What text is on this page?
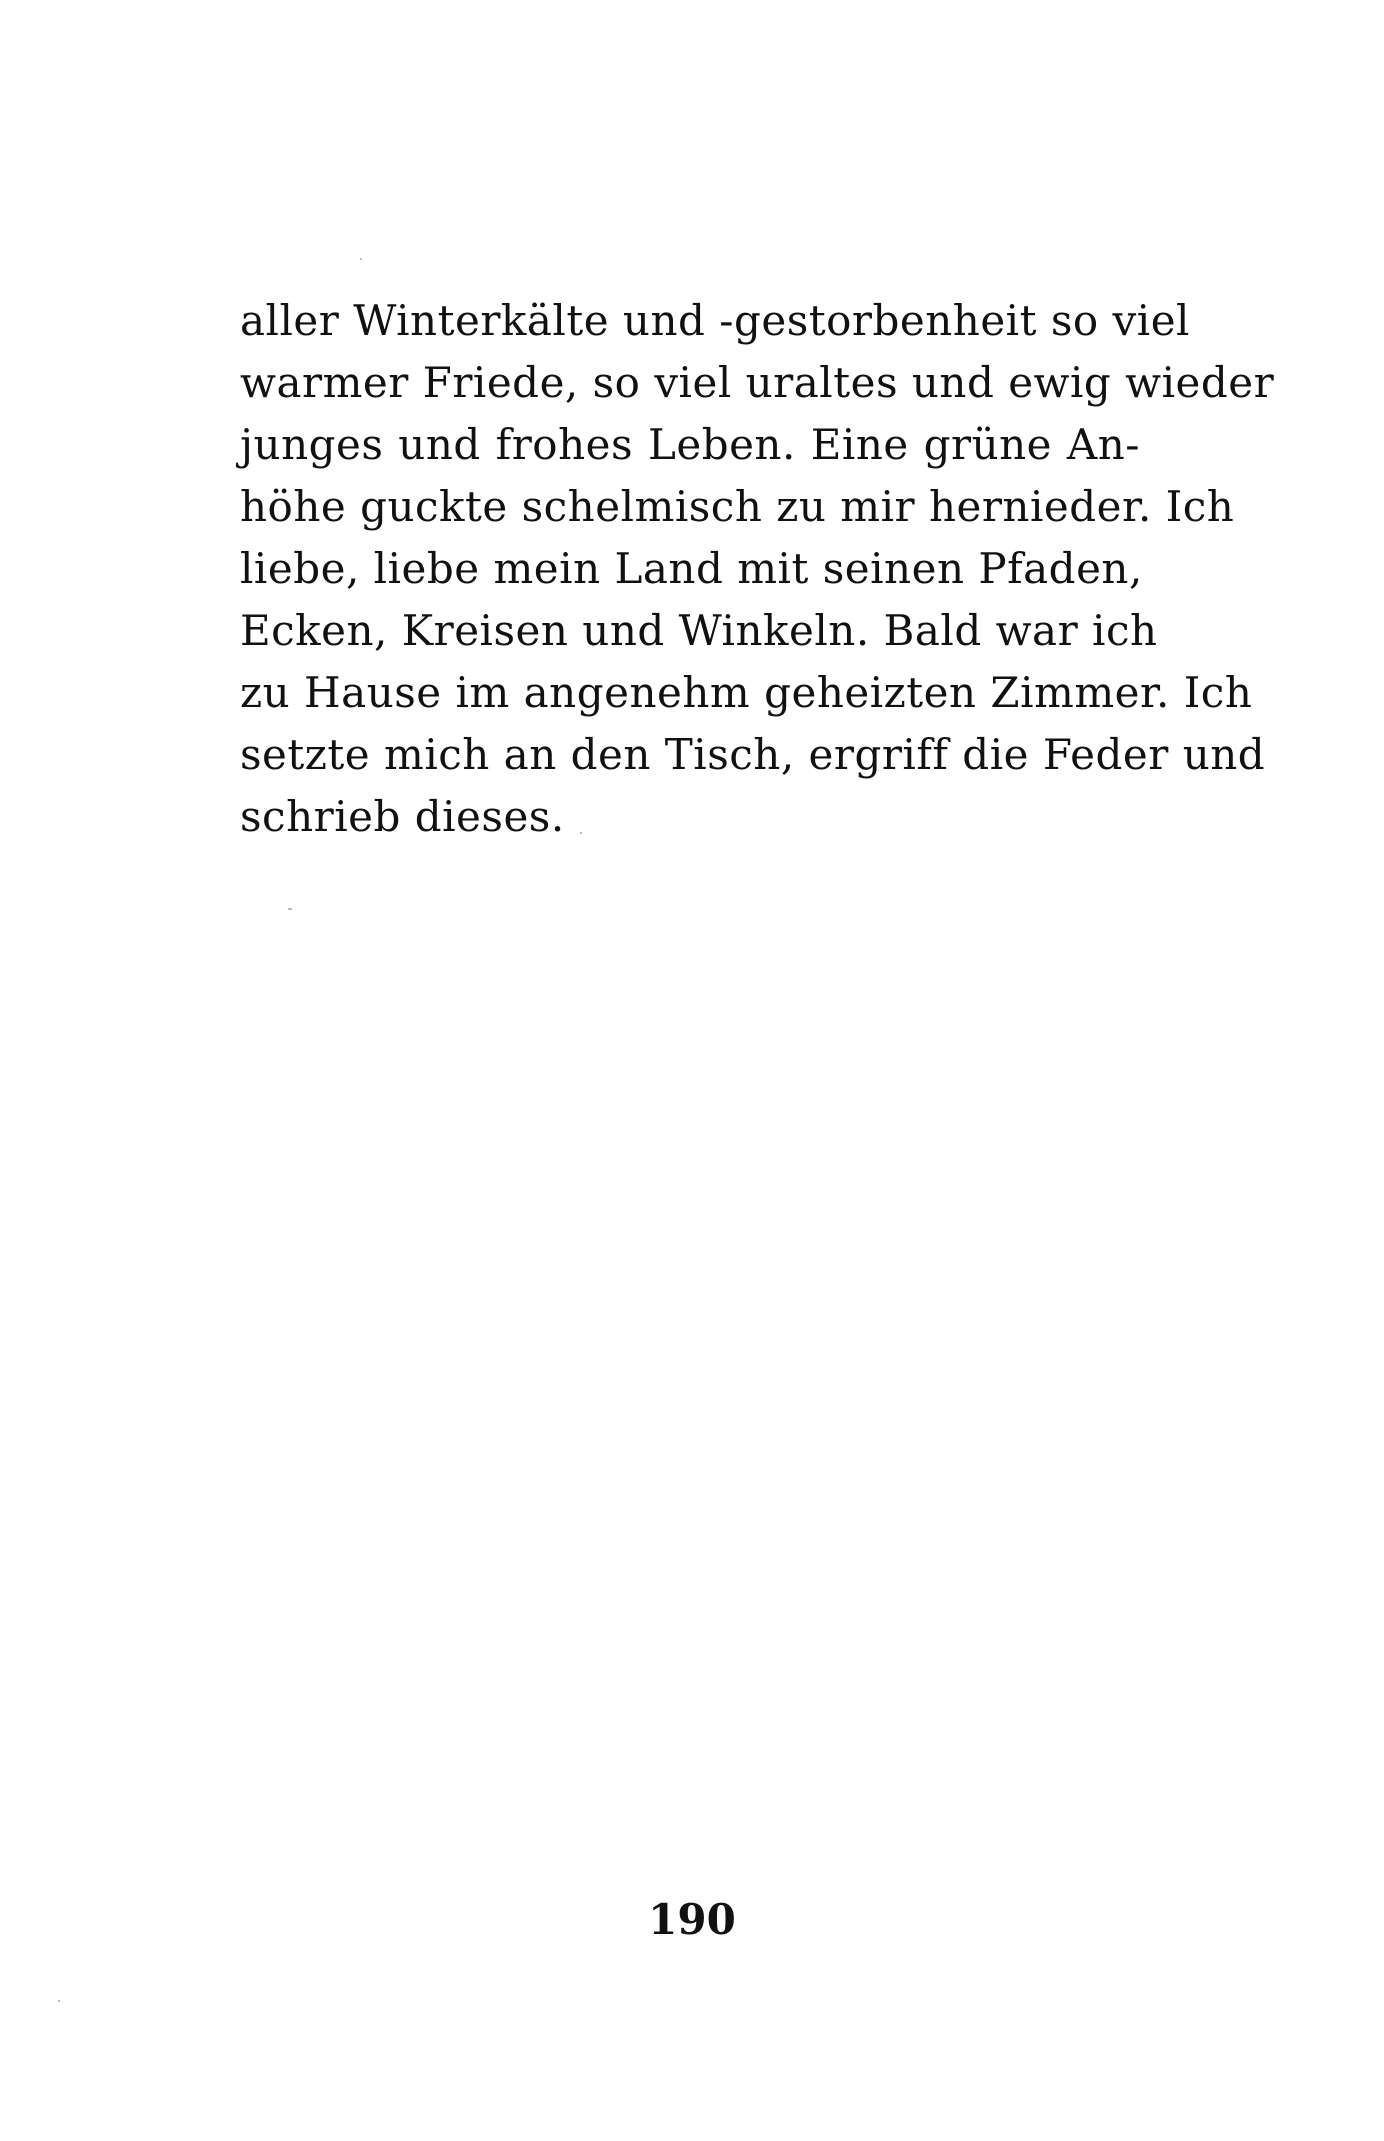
aller Winterkälte und -gestorbenheit so viel
warmer Friede, so viel uraltes und ewig wieder
junges und frohes Leben. Eine grüne An-
höhe guckte schelmisch zu mir hernieder. Ich
liebe, liebe mein Land mit seinen Pfaden,
Ecken, Kreisen und Winkeln. Bald war ich
zu Hause im angenehm geheizten Zimmer. Ich
setzte mich an den Tisch, ergriff die Feder und
schrieb dieses.
190
